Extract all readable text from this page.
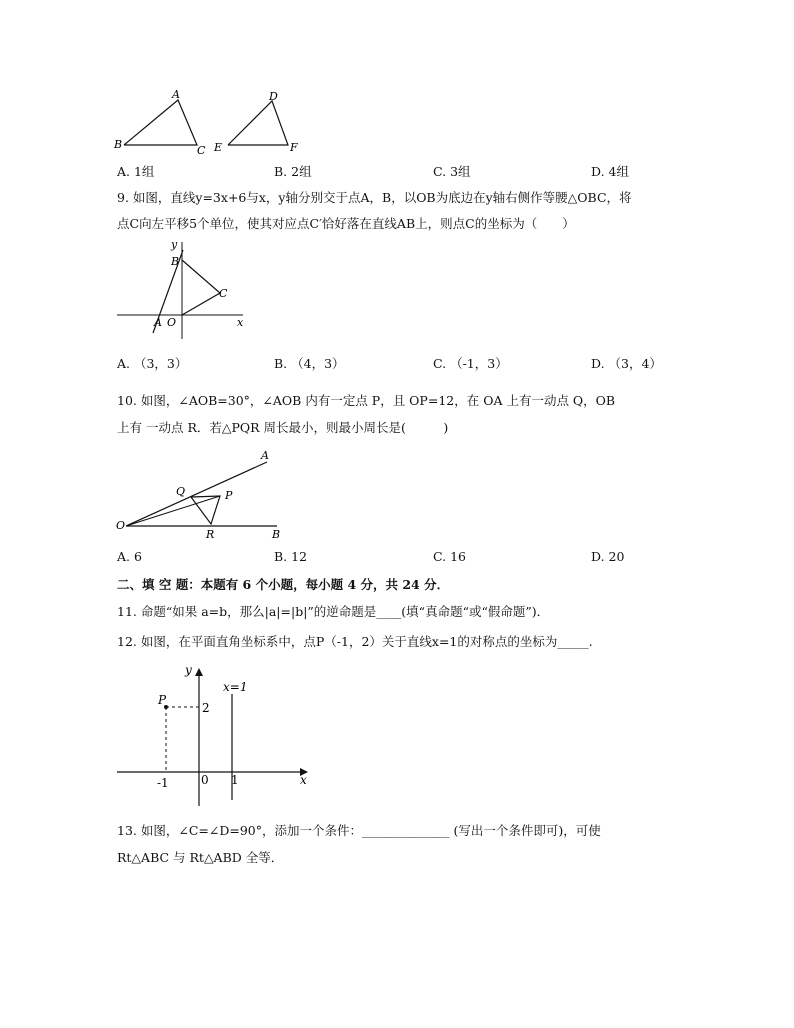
A
B	C
D
E	F
A. 1组	B. 2组	C. 3组	D. 4组
9. 如图，直线y=3x+6与x，y轴分别交于点A，B，以OB为底边在y轴右侧作等腰△OBC，将
点C向左平移5个单位，使其对应点C′恰好落在直线AB上，则点C的坐标为（　　）
y
B
C
A O	x
A. （3，3）	B. （4，3）	C. （-1，3）	D. （3，4）
10. 如图，∠AOB=30°，∠AOB 内有一定点 P，且 OP=12，在 OA 上有一动点 Q，OB
上有 一动点 R．若△PQR 周长最小，则最小周长是(　　　)
A
Q	P
O
R	B
A. 6	B. 12	C. 16	D. 20
二、填 空 题：本题有 6 个小题，每小题 4 分，共 24 分．
11. 命题“如果 a=b，那么|a|=|b|”的逆命题是____(填“真命题“或“假命题”)．
12. 如图，在平面直角坐标系中，点P（-1，2）关于直线x=1的对称点的坐标为_____.
y
x=1
P
2
-1	0 1	x
13. 如图，∠C=∠D=90°，添加一个条件：______________ (写出一个条件即可)，可使
Rt△ABC 与 Rt△ABD 全等．
